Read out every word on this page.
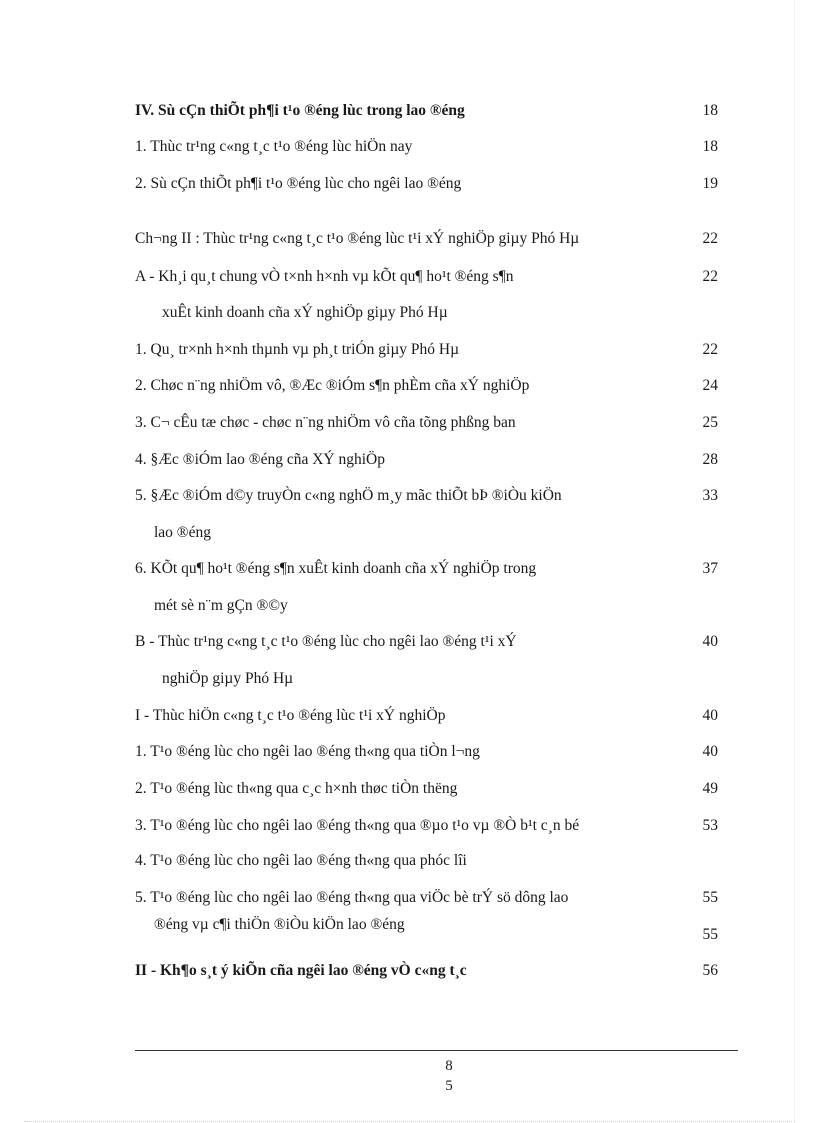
IV. Sù cÇn thiÕt ph¶i t¹o ®éng lùc trong lao ®éng	18
1. Thùc tr¹ng c«ng t¸c t¹o ®éng lùc hiÖn nay	18
2. Sù cÇn thiÕt ph¶i t¹o ®éng lùc cho ngêi lao ®éng	19
Ch¬ng II : Thùc tr¹ng c«ng t¸c t¹o ®éng lùc t¹i xÝ nghiÖp giµy Phó Hµ	22
A - Kh¸i qu¸t chung vÒ t×nh h×nh vµ kÕt qu¶ ho¹t ®éng s¶n	22
xuÊt kinh doanh cña xÝ nghiÖp giµy Phó Hµ
1. Qu¸ tr×nh h×nh thµnh vµ ph¸t triÓn giµy Phó Hµ	22
2. Chøc n¨ng nhiÖm vô, ®Æc ®iÓm s¶n phÈm cña xÝ nghiÖp	24
3. C¬ cÊu tæ chøc - chøc n¨ng nhiÖm vô cña tõng phßng ban	25
4. §Æc ®iÓm lao ®éng cña XÝ nghiÖp	28
5. §Æc ®iÓm d©y truyÒn c«ng nghÖ m¸y mãc thiÕt bÞ ®iÒu kiÖn	33
lao ®éng
6. KÕt qu¶ ho¹t ®éng s¶n xuÊt kinh doanh cña xÝ nghiÖp trong	37
mét sè n¨m gÇn ®©y
B - Thùc tr¹ng c«ng t¸c t¹o ®éng lùc cho ngêi lao ®éng t¹i xÝ	40
nghiÖp giµy Phó Hµ
I - Thùc hiÖn c«ng t¸c t¹o ®éng lùc t¹i xÝ nghiÖp	40
1. T¹o ®éng lùc cho ngêi lao ®éng th«ng qua tiÒn l¬ng	40
2. T¹o ®éng lùc th«ng qua c¸c h×nh thøc tiÒn thëng	49
3. T¹o ®éng lùc cho ngêi lao ®éng th«ng qua ®µo t¹o vµ ®Ò b¹t c¸n bé	53
4. T¹o ®éng lùc cho ngêi lao ®éng th«ng qua phóc lîi
5. T¹o ®éng lùc cho ngêi lao ®éng th«ng qua viÖc bè trÝ sö dông lao	55
®éng vµ c¶i thiÖn ®iÒu kiÖn lao ®éng
55
II - Kh¶o s¸t ý kiÕn cña ngêi lao ®éng vÒ c«ng t¸c	56
8
5
